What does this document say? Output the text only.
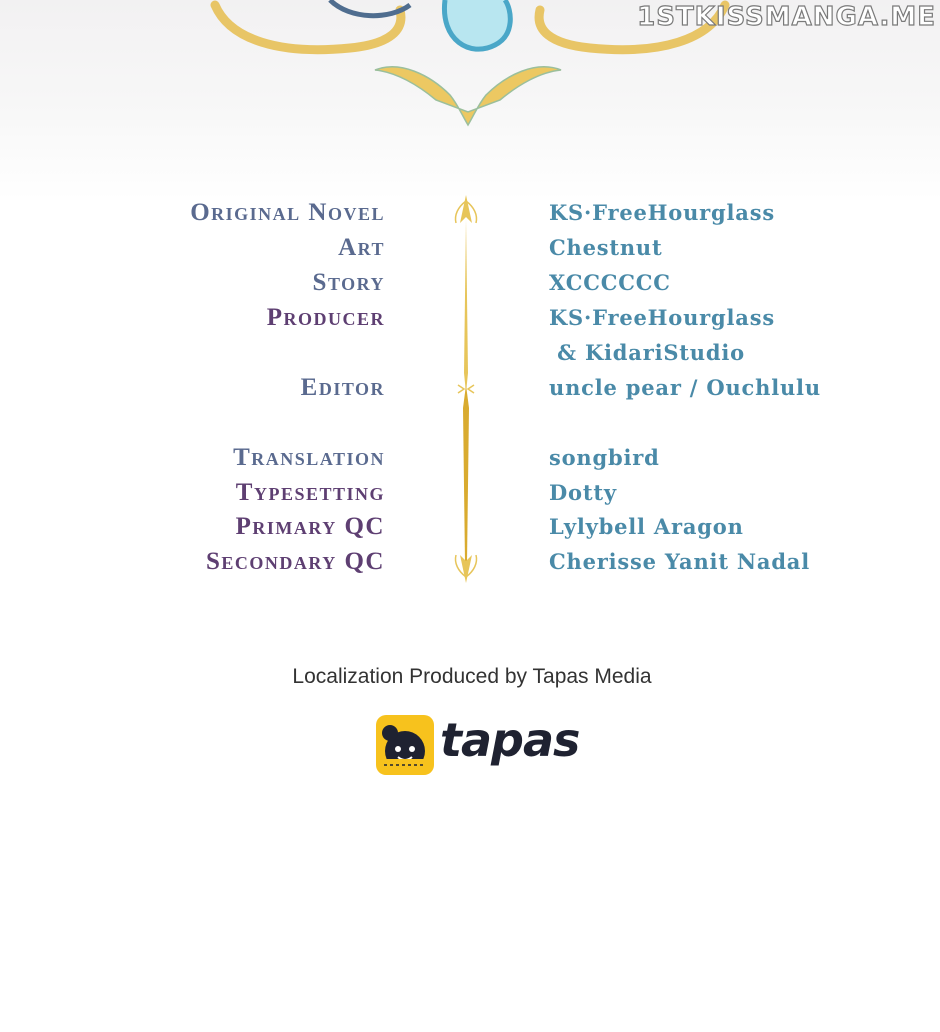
1STKISSMANGA.ME
Original Novel	KS·FreeHourglass
Art	Chestnut
Story	XCCCCCC
Producer	KS·FreeHourglass
& KidariStudio
Editor	uncle pear / Ouchlulu
Translation	songbird
Typesetting	Dotty
Primary QC	Lylybell Aragon
Secondary QC	Cherisse Yanit Nadal
Localization Produced by Tapas Media
tapas
